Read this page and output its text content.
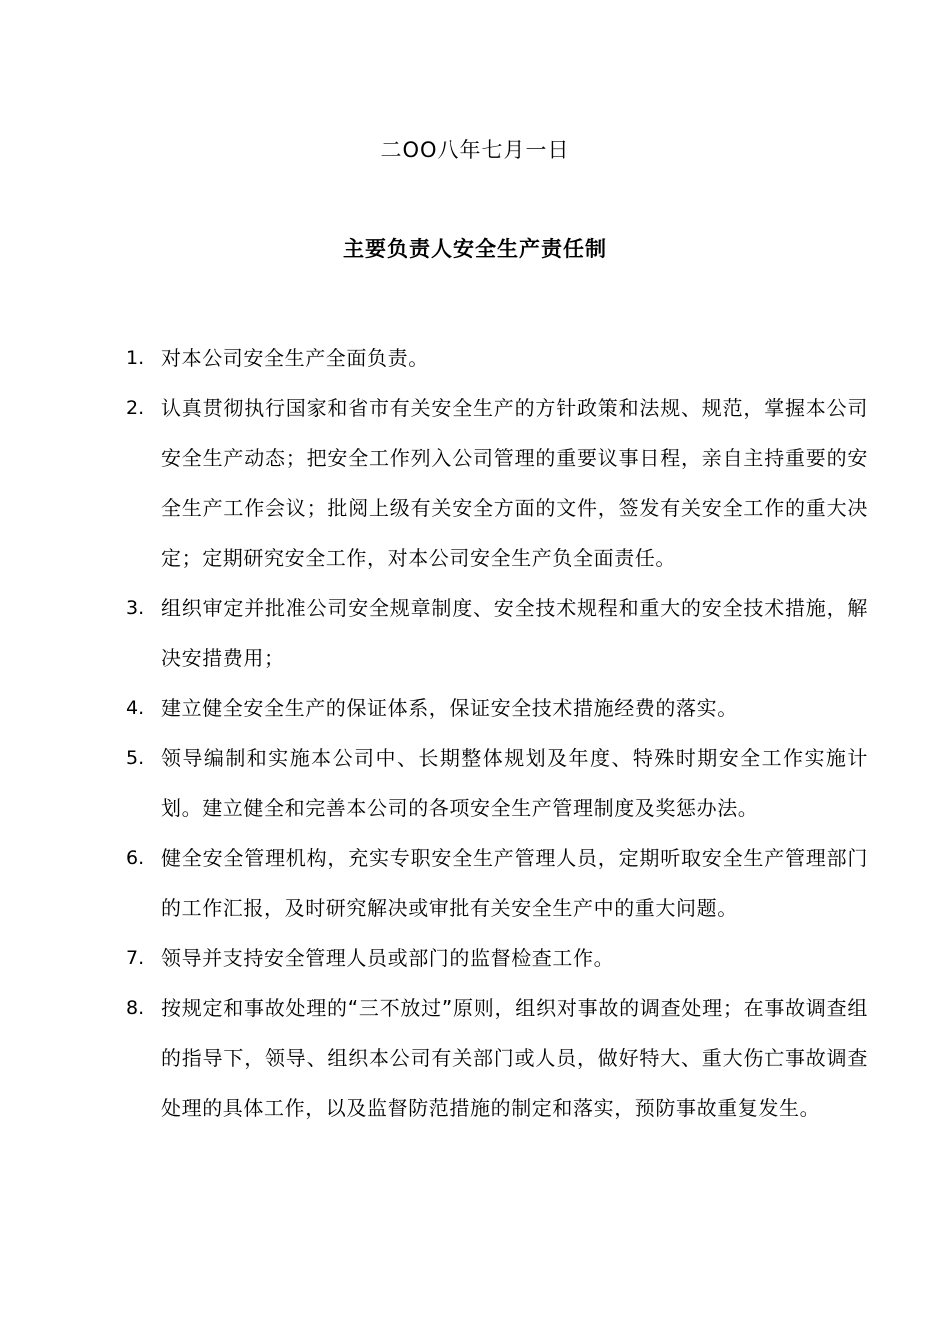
二OO八年七月一日
主要负责人安全生产责任制
1. 对本公司安全生产全面负责。
2. 认真贯彻执行国家和省市有关安全生产的方针政策和法规、规范，掌握本公司安全生产动态；把安全工作列入公司管理的重要议事日程，亲自主持重要的安全生产工作会议；批阅上级有关安全方面的文件，签发有关安全工作的重大决定；定期研究安全工作，对本公司安全生产负全面责任。
3. 组织审定并批准公司安全规章制度、安全技术规程和重大的安全技术措施，解决安措费用；
4. 建立健全安全生产的保证体系，保证安全技术措施经费的落实。
5. 领导编制和实施本公司中、长期整体规划及年度、特殊时期安全工作实施计划。建立健全和完善本公司的各项安全生产管理制度及奖惩办法。
6. 健全安全管理机构，充实专职安全生产管理人员，定期听取安全生产管理部门的工作汇报，及时研究解决或审批有关安全生产中的重大问题。
7. 领导并支持安全管理人员或部门的监督检查工作。
8. 按规定和事故处理的“三不放过”原则，组织对事故的调查处理；在事故调查组的指导下，领导、组织本公司有关部门或人员，做好特大、重大伤亡事故调查处理的具体工作，以及监督防范措施的制定和落实，预防事故重复发生。
